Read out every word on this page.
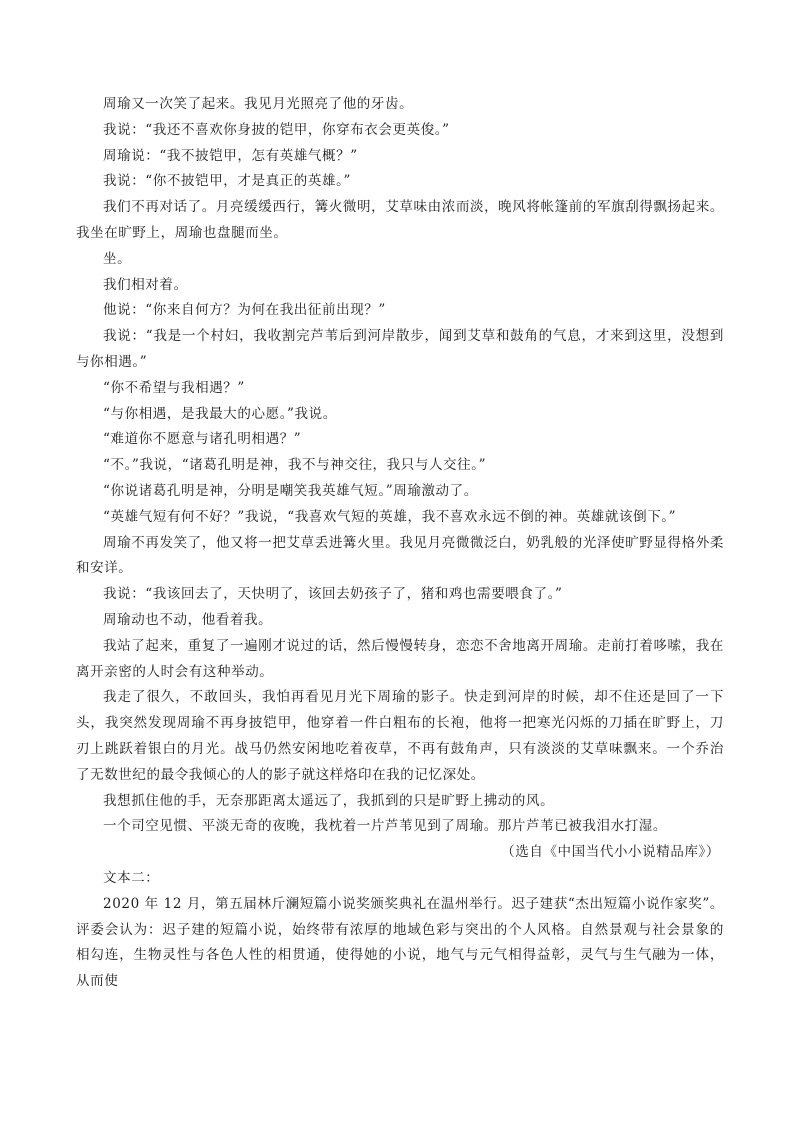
周瑜又一次笑了起来。我见月光照亮了他的牙齿。

我说：“我还不喜欢你身披的铠甲，你穿布衣会更英俊。”

周瑜说：“我不披铠甲，怎有英雄气概？”

我说：“你不披铠甲，才是真正的英雄。”

我们不再对话了。月亮缓缓西行，篝火微明，艾草味由浓而淡，晚风将帐篷前的军旗刮得飘扬起来。我坐在旷野上，周瑜也盘腿而坐。

坐。

我们相对着。

他说：“你来自何方？为何在我出征前出现？”

我说：“我是一个村妇，我收割完芦苇后到河岸散步，闻到艾草和鼓角的气息，才来到这里，没想到与你相遇。”

“你不希望与我相遇？”

“与你相遇，是我最大的心愿。”我说。

“难道你不愿意与诸孔明相遇？”

“不。”我说，“诸葛孔明是神，我不与神交往，我只与人交往。”

“你说诸葛孔明是神，分明是嘲笑我英雄气短。”周瑜激动了。

“英雄气短有何不好？”我说，“我喜欢气短的英雄，我不喜欢永远不倒的神。英雄就该倒下。”

周瑜不再发笑了，他又将一把艾草丢进篝火里。我见月亮微微泛白，奶乳般的光泽使旷野显得格外柔和安详。

我说：“我该回去了，天快明了，该回去奶孩子了，猪和鸡也需要喂食了。”

周瑜动也不动，他看着我。

我站了起来，重复了一遍刚才说过的话，然后慢慢转身，恋恋不舍地离开周瑜。走前打着哆嗦，我在离开亲密的人时会有这种举动。

我走了很久，不敢回头，我怕再看见月光下周瑜的影子。快走到河岸的时候，却不住还是回了一下头，我突然发现周瑜不再身披铠甲，他穿着一件白粗布的长袍，他将一把寒光闪烁的刀插在旷野上，刀刃上跳跃着银白的月光。战马仍然安闲地吃着夜草，不再有鼓角声，只有淡淡的艾草味飘来。一个乔治了无数世纪的最令我倾心的人的影子就这样烙印在我的记忆深处。

我想抓住他的手，无奈那距离太遥远了，我抓到的只是旷野上拂动的风。

一个司空见惯、平淡无奇的夜晚，我枕着一片芦苇见到了周瑜。那片芦苇已被我泪水打湿。

（选自《中国当代小小说精品库》）

文本二：

2020 年 12 月，第五届林斤澜短篇小说奖颁奖典礼在温州举行。迟子建获“杰出短篇小说作家奖”。评委会认为：迟子建的短篇小说，始终带有浓厚的地域色彩与突出的个人风格。自然景观与社会景象的相勾连，生物灵性与各色人性的相贯通，使得她的小说，地气与元气相得益彰，灵气与生气融为一体，从而使
